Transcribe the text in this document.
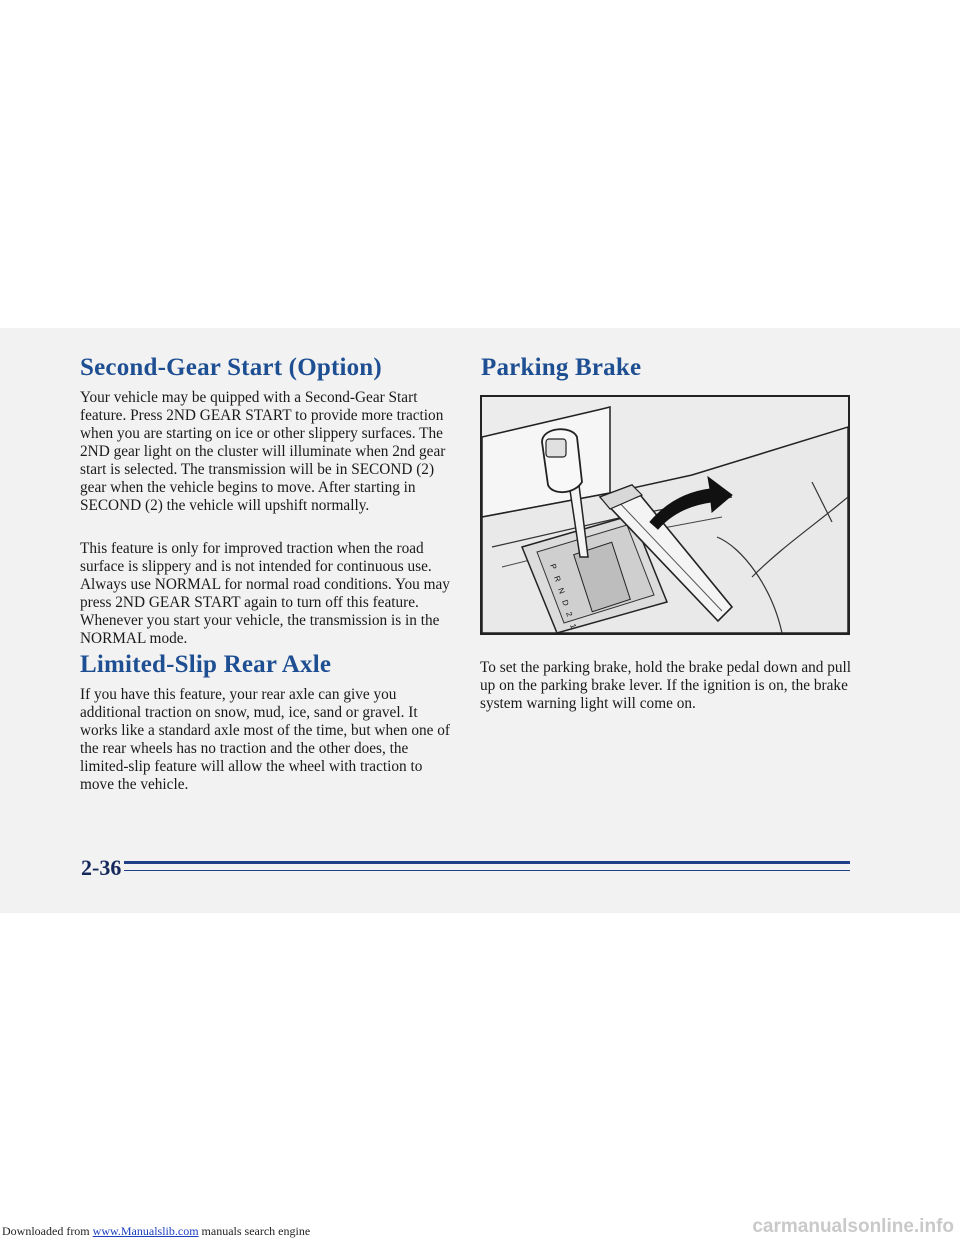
Second-Gear Start (Option)

Your vehicle may be quipped with a Second-Gear Start feature. Press 2ND GEAR START to provide more traction when you are starting on ice or other slippery surfaces. The 2ND gear light on the cluster will illuminate when 2nd gear start is selected. The transmission will be in SECOND (2) gear when the vehicle begins to move. After starting in SECOND (2) the vehicle will upshift normally.

This feature is only for improved traction when the road surface is slippery and is not intended for continuous use. Always use NORMAL for normal road conditions. You may press 2ND GEAR START again to turn off this feature. Whenever you start your vehicle, the transmission is in the NORMAL mode.

Limited-Slip Rear Axle

If you have this feature, your rear axle can give you additional traction on snow, mud, ice, sand or gravel. It works like a standard axle most of the time, but when one of the rear wheels has no traction and the other does, the limited-slip feature will allow the wheel with traction to move the vehicle.

Parking Brake
P
R
N
D
2
1

To set the parking brake, hold the brake pedal down and pull up on the parking brake lever. If the ignition is on, the brake system warning light will come on.

2-36
Downloaded from www.Manualslib.com manuals search engine	carmanualsonline.info
